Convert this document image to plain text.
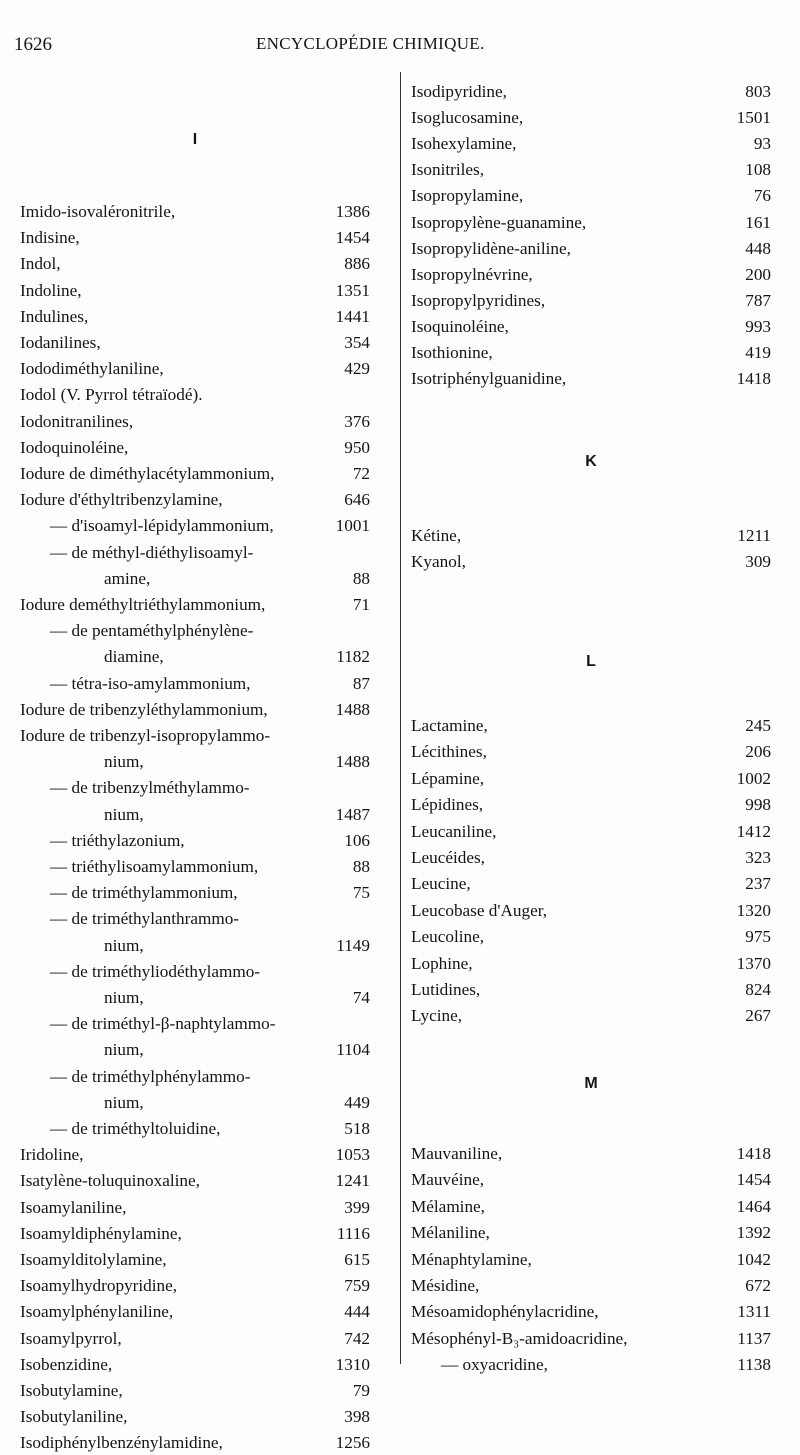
1626	ENCYCLOPÉDIE CHIMIQUE.
I
Imido-isovaléronitrile,	1386
Indisine,	1454
Indol,	886
Indoline,	1351
Indulines,	1441
Iodanilines,	354
Iododiméthylaniline,	429
Iodol (V. Pyrrol tétraïodé).
Iodonitranilines,	376
Iodoquinoléine,	950
Iodure de diméthylacétylammonium,	72
Iodure d'éthyltribenzylamine,	646
— d'isoamyl-lépidylammonium,	1001
— de méthyl-diéthylisoamyl-
amine,	88
Iodure deméthyltriéthylammonium,	71
— de pentaméthylphénylène-
diamine,	1182
— tétra-iso-amylammonium,	87
Iodure de tribenzyléthylammonium,	1488
Iodure de tribenzyl-isopropylammo-
nium,	1488
— de tribenzylméthylammo-
nium,	1487
— triéthylazonium,	106
— triéthylisoamylammonium,	88
— de triméthylammonium,	75
— de triméthylanthrammo-
nium,	1149
— de triméthyliodéthylammo-
nium,	74
— de triméthyl-β-naphtylammo-
nium,	1104
— de triméthylphénylammo-
nium,	449
— de triméthyltoluidine,	518
Iridoline,	1053
Isatylène-toluquinoxaline,	1241
Isoamylaniline,	399
Isoamyldiphénylamine,	1116
Isoamylditolylamine,	615
Isoamylhydropyridine,	759
Isoamylphénylaniline,	444
Isoamylpyrrol,	742
Isobenzidine,	1310
Isobutylamine,	79
Isobutylaniline,	398
Isodiphénylbenzénylamidine,	1256
Isodipyridine,	803
Isoglucosamine,	1501
Isohexylamine,	93
Isonitriles,	108
Isopropylamine,	76
Isopropylène-guanamine,	161
Isopropylidène-aniline,	448
Isopropylnévrine,	200
Isopropylpyridines,	787
Isoquinoléine,	993
Isothionine,	419
Isotriphénylguanidine,	1418
K
Kétine,	1211
Kyanol,	309
L
Lactamine,	245
Lécithines,	206
Lépamine,	1002
Lépidines,	998
Leucaniline,	1412
Leucéides,	323
Leucine,	237
Leucobase d'Auger,	1320
Leucoline,	975
Lophine,	1370
Lutidines,	824
Lycine,	267
M
Mauvaniline,	1418
Mauvéine,	1454
Mélamine,	1464
Mélaniline,	1392
Ménaphtylamine,	1042
Mésidine,	672
Mésoamidophénylacridine,	1311
Mésophényl-B₃-amidoacridine,	1137
— oxyacridine,	1138
